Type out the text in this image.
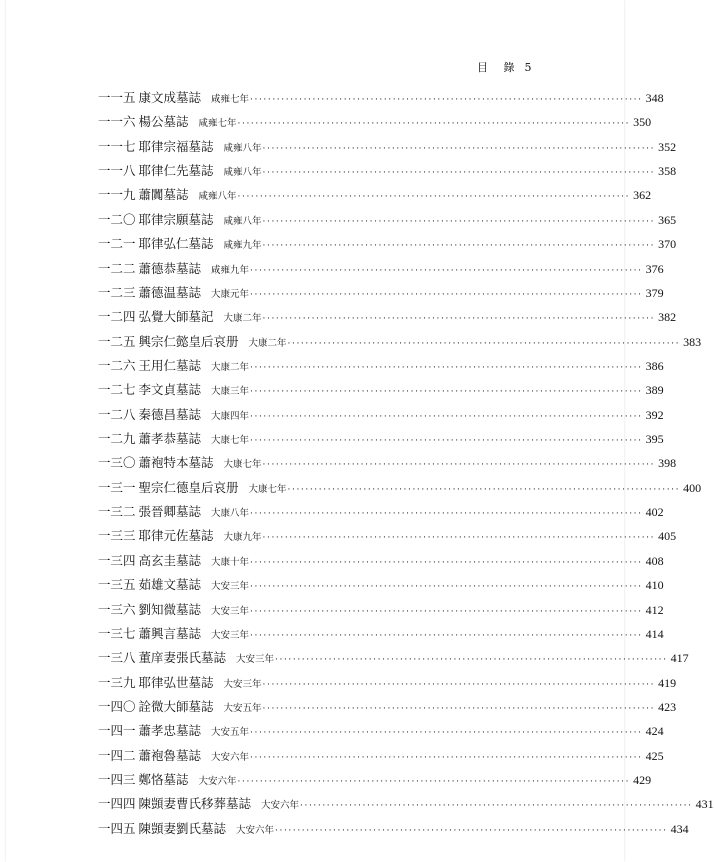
目 錄 5
一一五 康文成墓誌 咸雍七年 ························································································ 348
一一六 楊公墓誌 咸雍七年 ························································································ 350
一一七 耶律宗福墓誌 咸雍八年 ························································································ 352
一一八 耶律仁先墓誌 咸雍八年 ························································································ 358
一一九 蕭闐墓誌 咸雍八年 ························································································ 362
一二〇 耶律宗願墓誌 咸雍八年 ························································································ 365
一二一 耶律弘仁墓誌 咸雍九年 ························································································ 370
一二二 蕭德恭墓誌 咸雍九年 ························································································ 376
一二三 蕭德温墓誌 大康元年 ························································································ 379
一二四 弘覺大師墓記 大康二年 ························································································ 382
一二五 興宗仁懿皇后哀册 大康二年 ························································································ 383
一二六 王用仁墓誌 大康二年 ························································································ 386
一二七 李文貞墓誌 大康三年 ························································································ 389
一二八 秦德昌墓誌 大康四年 ························································································ 392
一二九 蕭孝恭墓誌 大康七年 ························································································ 395
一三〇 蕭袍特本墓誌 大康七年 ························································································ 398
一三一 聖宗仁德皇后哀册 大康七年 ························································································ 400
一三二 張晉卿墓誌 大康八年 ························································································ 402
一三三 耶律元佐墓誌 大康九年 ························································································ 405
一三四 高玄圭墓誌 大康十年 ························································································ 408
一三五 茹雄文墓誌 大安三年 ························································································ 410
一三六 劉知微墓誌 大安三年 ························································································ 412
一三七 蕭興言墓誌 大安三年 ························································································ 414
一三八 董庠妻張氏墓誌 大安三年 ························································································ 417
一三九 耶律弘世墓誌 大安三年 ························································································ 419
一四〇 詮微大師墓誌 大安五年 ························································································ 423
一四一 蕭孝忠墓誌 大安五年 ························································································ 424
一四二 蕭袍魯墓誌 大安六年 ························································································ 425
一四三 鄭恪墓誌 大安六年 ························································································ 429
一四四 陳顗妻曹氏移葬墓誌 大安六年 ························································································ 431
一四五 陳顗妻劉氏墓誌 大安六年 ························································································ 434
